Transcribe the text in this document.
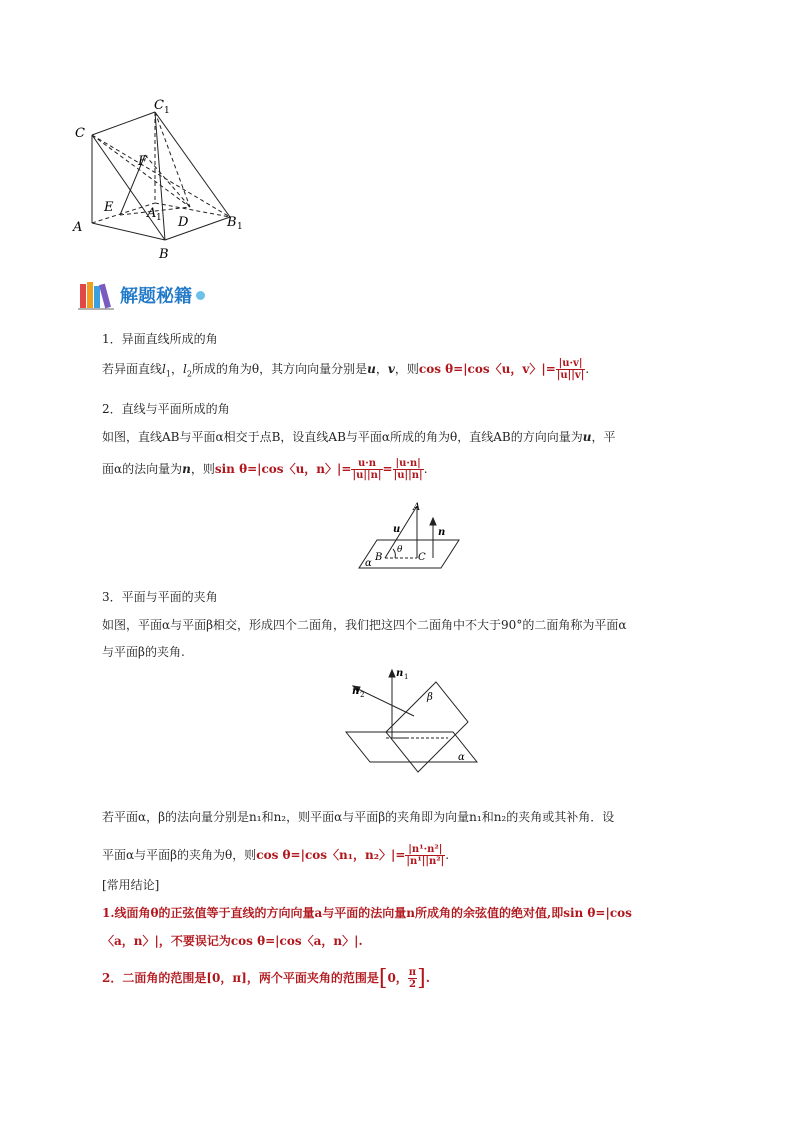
C 1
C
F
E	A 1 D	B 1
A
B
解题秘籍
1．异面直线所成的角
若异面直线$l_1$，$l_2$所成的角为θ，其方向向量分别是u，v，则cos θ=|cos〈u，v〉|= $\frac{|u\cdot v|}{|u||v|}$ .
2．直线与平面所成的角
如图，直线AB与平面α相交于点B，设直线AB与平面α所成的角为θ，直线AB的方向向量为u，平
面α的法向量为n，则sin θ=|cos〈u，n〉|= $\frac{u\cdot n}{|u||n|} = \frac{|u\cdot n|}{|u||n|}$ .
A
u	n
θ
B	C
α
3．平面与平面的夹角
如图，平面α与平面β相交，形成四个二面角，我们把这四个二面角中不大于90°的二面角称为平面α
与平面β的夹角.
n 1
n 2	β
α
若平面α，β的法向量分别是n₁和n₂，则平面α与平面β的夹角即为向量n₁和n₂的夹角或其补角．设
平面α与平面β的夹角为θ，则cos θ=|cos〈n₁，n₂〉|= $\frac{\text{|n¹·n²|}}{\text{|n¹||n²|}}$ .
[常用结论]
1.线面角θ的正弦值等于直线的方向向量a与平面的法向量n所成角的余弦值的绝对值,即sin θ=|cos
〈a，n〉|，不要误记为cos θ=|cos〈a，n〉|.
2．二面角的范围是[0，π]，两个平面夹角的范围是[0， $\frac{\pi}{2}$ ].
